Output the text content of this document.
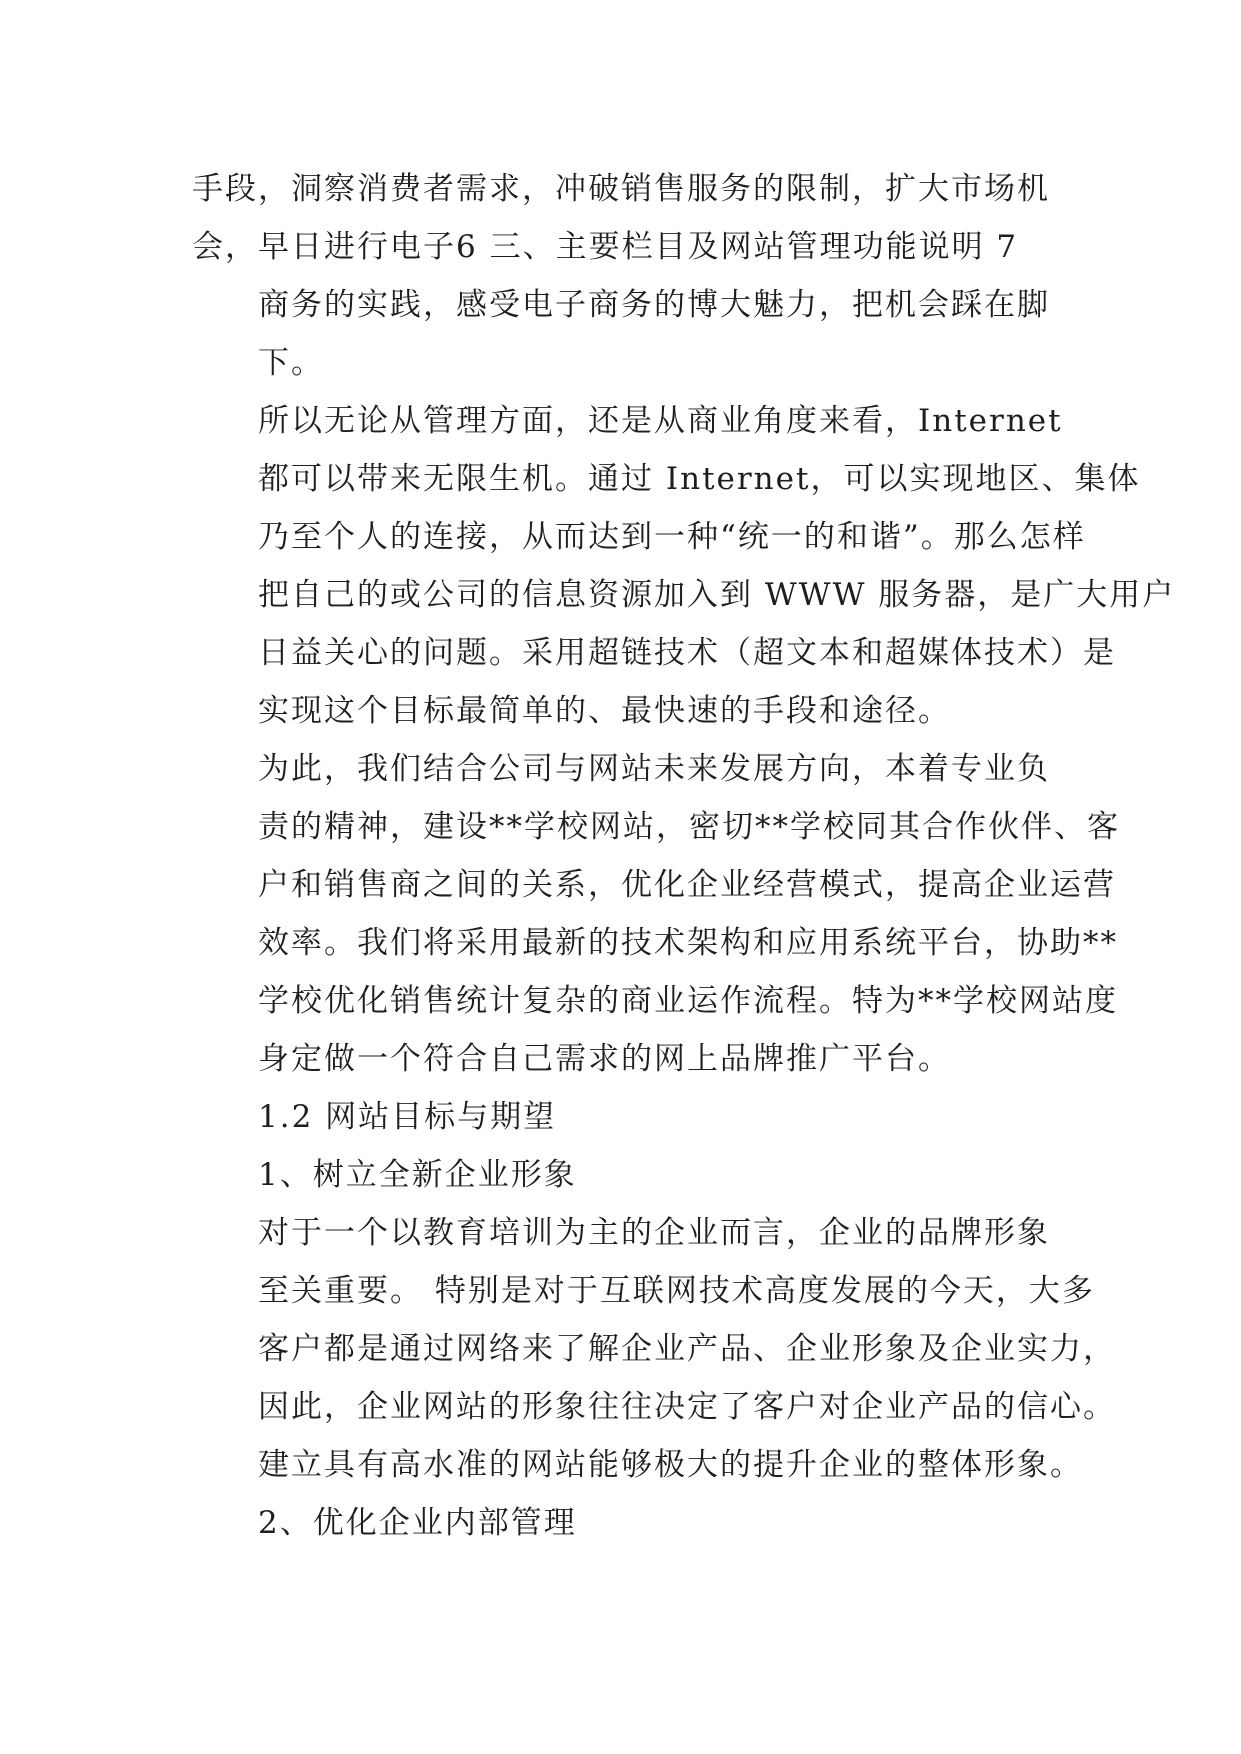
手段，洞察消费者需求，冲破销售服务的限制，扩大市场机
会，早日进行电子6 三、主要栏目及网站管理功能说明 7
商务的实践，感受电子商务的博大魅力，把机会踩在脚
下。
所以无论从管理方面，还是从商业角度来看，Internet
都可以带来无限生机。通过 Internet，可以实现地区、集体
乃至个人的连接，从而达到一种“统一的和谐”。那么怎样
把自己的或公司的信息资源加入到 WWW 服务器，是广大用户
日益关心的问题。采用超链技术（超文本和超媒体技术）是
实现这个目标最简单的、最快速的手段和途径。
为此，我们结合公司与网站未来发展方向，本着专业负
责的精神，建设**学校网站，密切**学校同其合作伙伴、客
户和销售商之间的关系，优化企业经营模式，提高企业运营
效率。我们将采用最新的技术架构和应用系统平台，协助**
学校优化销售统计复杂的商业运作流程。特为**学校网站度
身定做一个符合自己需求的网上品牌推广平台。
1.2 网站目标与期望
1、树立全新企业形象
对于一个以教育培训为主的企业而言，企业的品牌形象
至关重要。 特别是对于互联网技术高度发展的今天，大多
客户都是通过网络来了解企业产品、企业形象及企业实力，
因此，企业网站的形象往往决定了客户对企业产品的信心。
建立具有高水准的网站能够极大的提升企业的整体形象。
2、优化企业内部管理
